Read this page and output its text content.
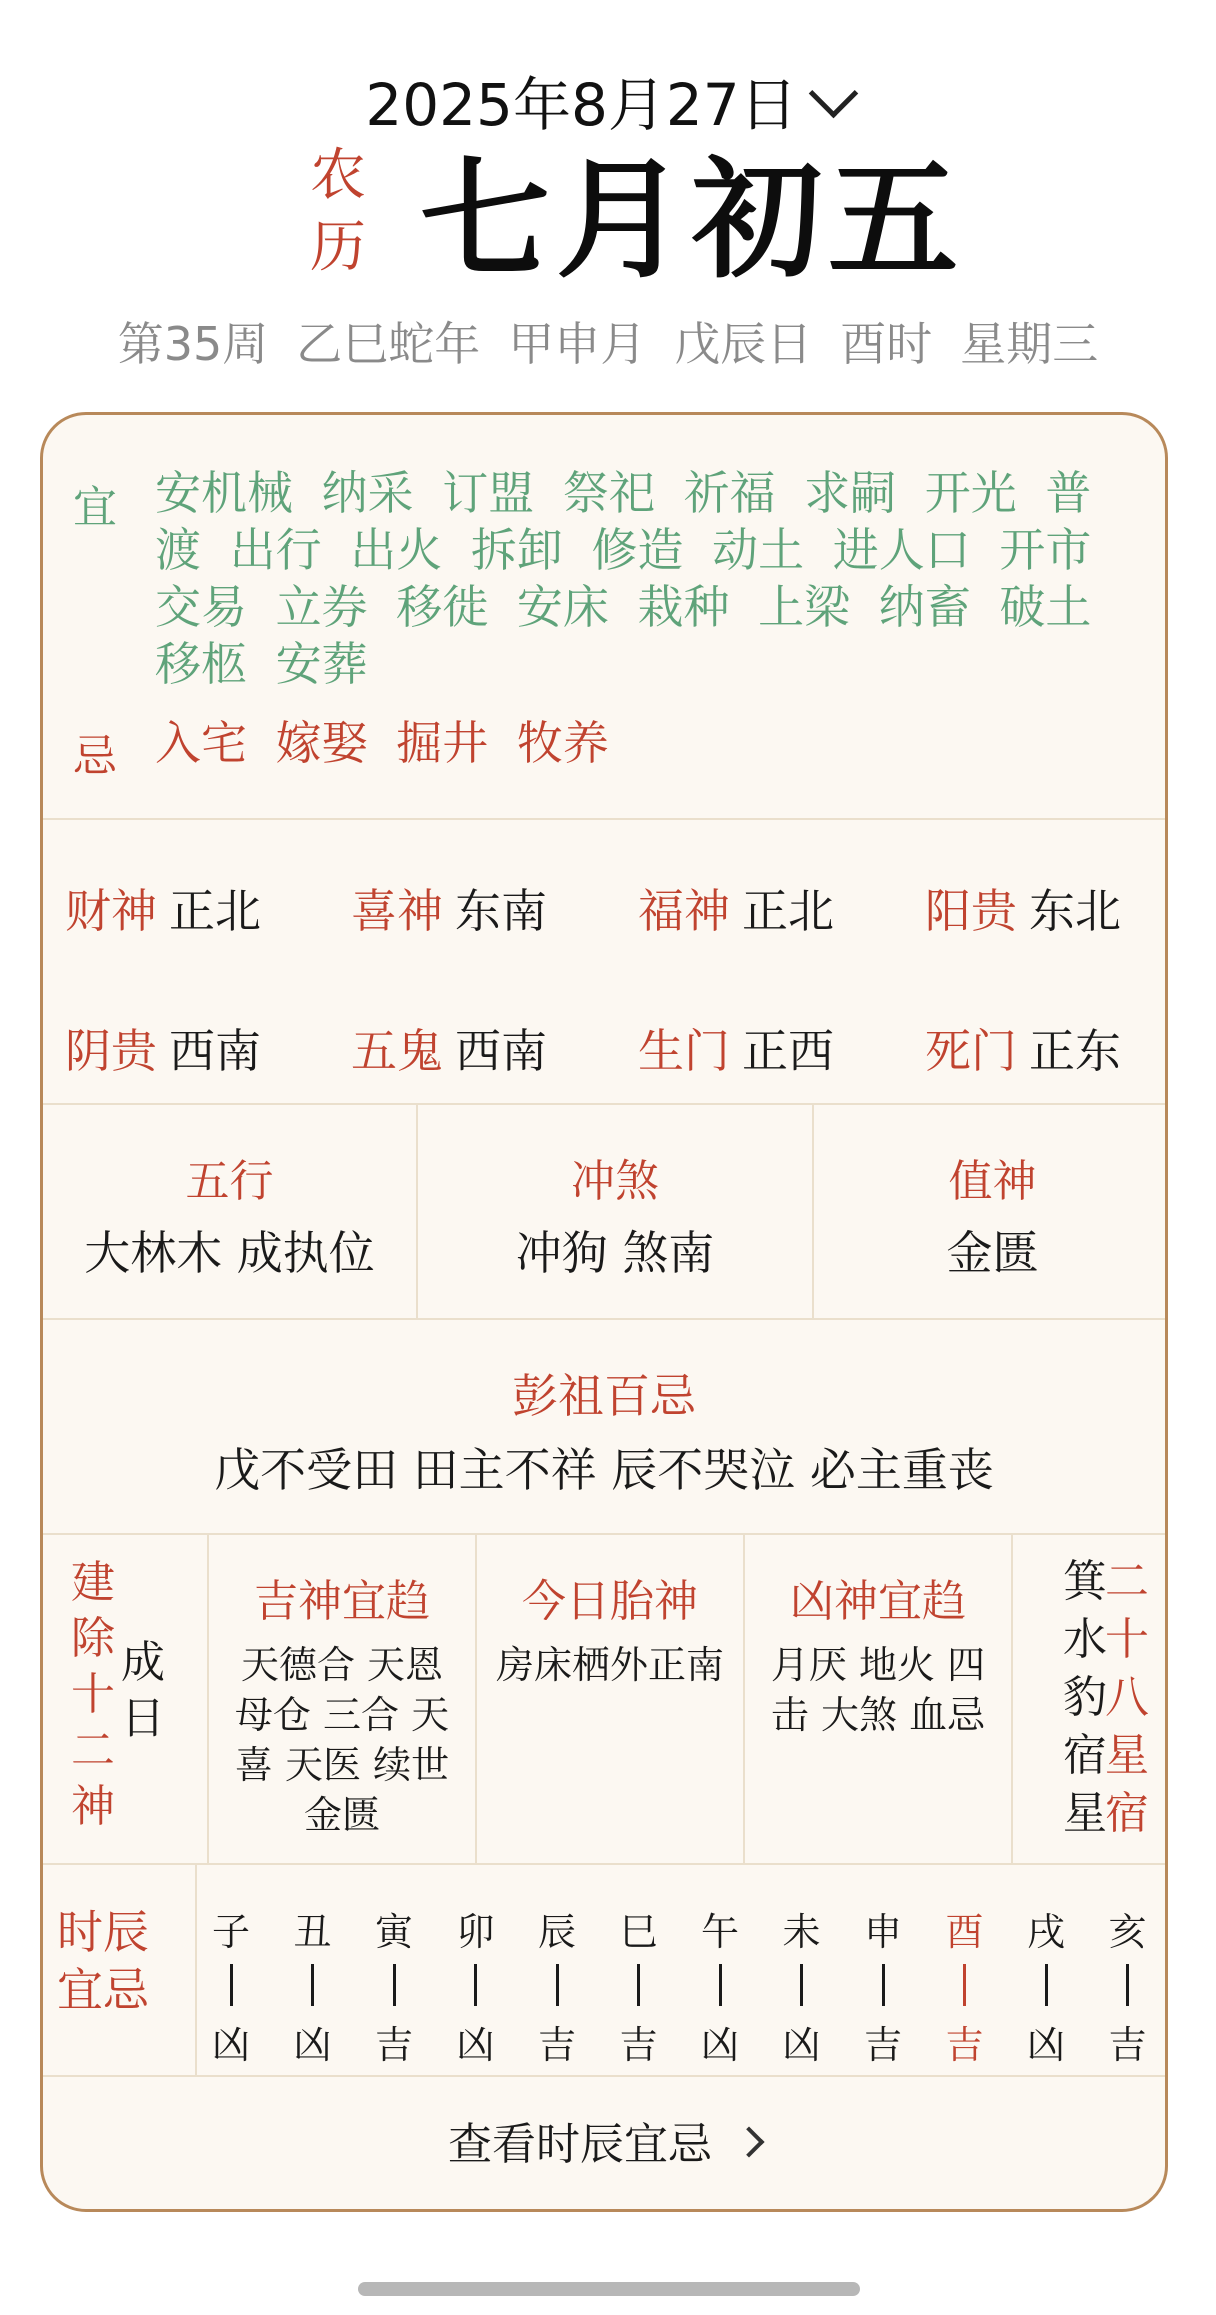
2025年8月27日
农
历 七月初五
第35周 乙巳蛇年 甲申月 戊辰日 酉时 星期三
宜 安机械 纳采 订盟 祭祀 祈福 求嗣 开光 普渡 出行 出火 拆卸 修造 动土 进人口 开市 交易 立券 移徙 安床 栽种 上梁 纳畜 破土 移柩 安葬
忌 入宅 嫁娶 掘井 牧养
财神 正北 喜神 东南 福神 正北 阳贵 东北
阴贵 西南 五鬼 西南 生门 正西 死门 正东
五行
大林木 成执位
冲煞
冲狗 煞南
值神
金匮
彭祖百忌
戊不受田 田主不祥 辰不哭泣 必主重丧
建除十二神
成日
吉神宜趋
天德合 天恩 母仓 三合 天喜 天医 续世 金匮
今日胎神
房床栖外正南
凶神宜趋
月厌 地火 四击 大煞 血忌
箕水豹宿星
二十八星宿
时辰宜忌
子
凶
丑
凶
寅
吉
卯
凶
辰
吉
巳
吉
午
凶
未
凶
申
吉
酉
吉
戌
凶
亥
吉
查看时辰宜忌
